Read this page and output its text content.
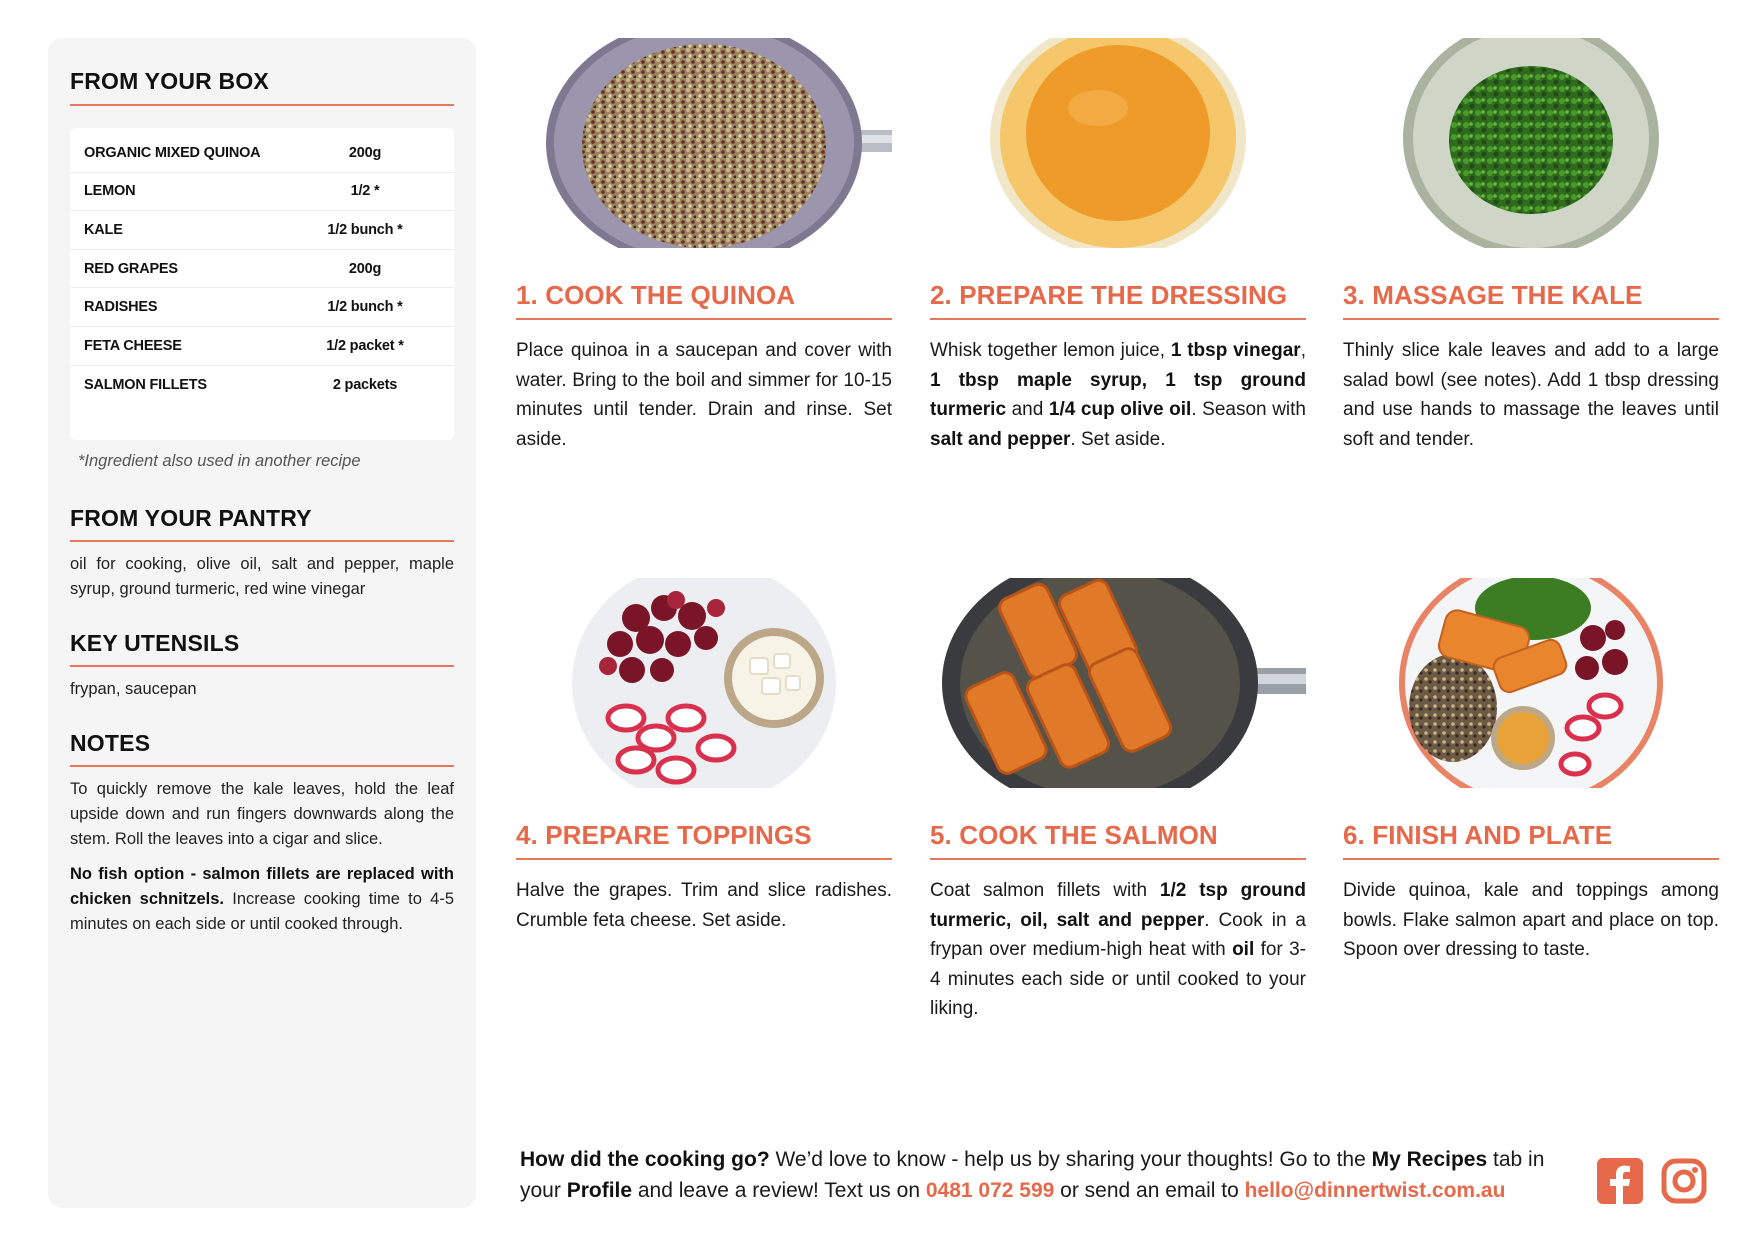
FROM YOUR BOX
ORGANIC MIXED QUINOA	200g
LEMON	1/2 *
KALE	1/2 bunch *
RED GRAPES	200g
RADISHES	1/2 bunch *
FETA CHEESE	1/2 packet *
SALMON FILLETS	2 packets
*Ingredient also used in another recipe
FROM YOUR PANTRY

oil for cooking, olive oil, salt and pepper, maple syrup, ground turmeric, red wine vinegar

KEY UTENSILS

frypan, saucepan

NOTES

To quickly remove the kale leaves, hold the leaf upside down and run fingers downwards along the stem. Roll the leaves into a cigar and slice.

No fish option - salmon fillets are replaced with chicken schnitzels. Increase cooking time to 4-5 minutes on each side or until cooked through.

1. COOK THE QUINOA

Place quinoa in a saucepan and cover with water. Bring to the boil and simmer for 10-15 minutes until tender. Drain and rinse. Set aside.

2. PREPARE THE DRESSING

Whisk together lemon juice, 1 tbsp vinegar, 1 tbsp maple syrup, 1 tsp ground turmeric and 1/4 cup olive oil. Season with salt and pepper. Set aside.

3. MASSAGE THE KALE

Thinly slice kale leaves and add to a large salad bowl (see notes). Add 1 tbsp dressing and use hands to massage the leaves until soft and tender.

4. PREPARE TOPPINGS

Halve the grapes. Trim and slice radishes. Crumble feta cheese. Set aside.

5. COOK THE SALMON

Coat salmon fillets with 1/2 tsp ground turmeric, oil, salt and pepper. Cook in a frypan over medium-high heat with oil for 3-4 minutes each side or until cooked to your liking.

6. FINISH AND PLATE

Divide quinoa, kale and toppings among bowls. Flake salmon apart and place on top. Spoon over dressing to taste.

How did the cooking go? We’d love to know - help us by sharing your thoughts! Go to the My Recipes tab in your Profile and leave a review! Text us on 0481 072 599 or send an email to hello@dinnertwist.com.au
